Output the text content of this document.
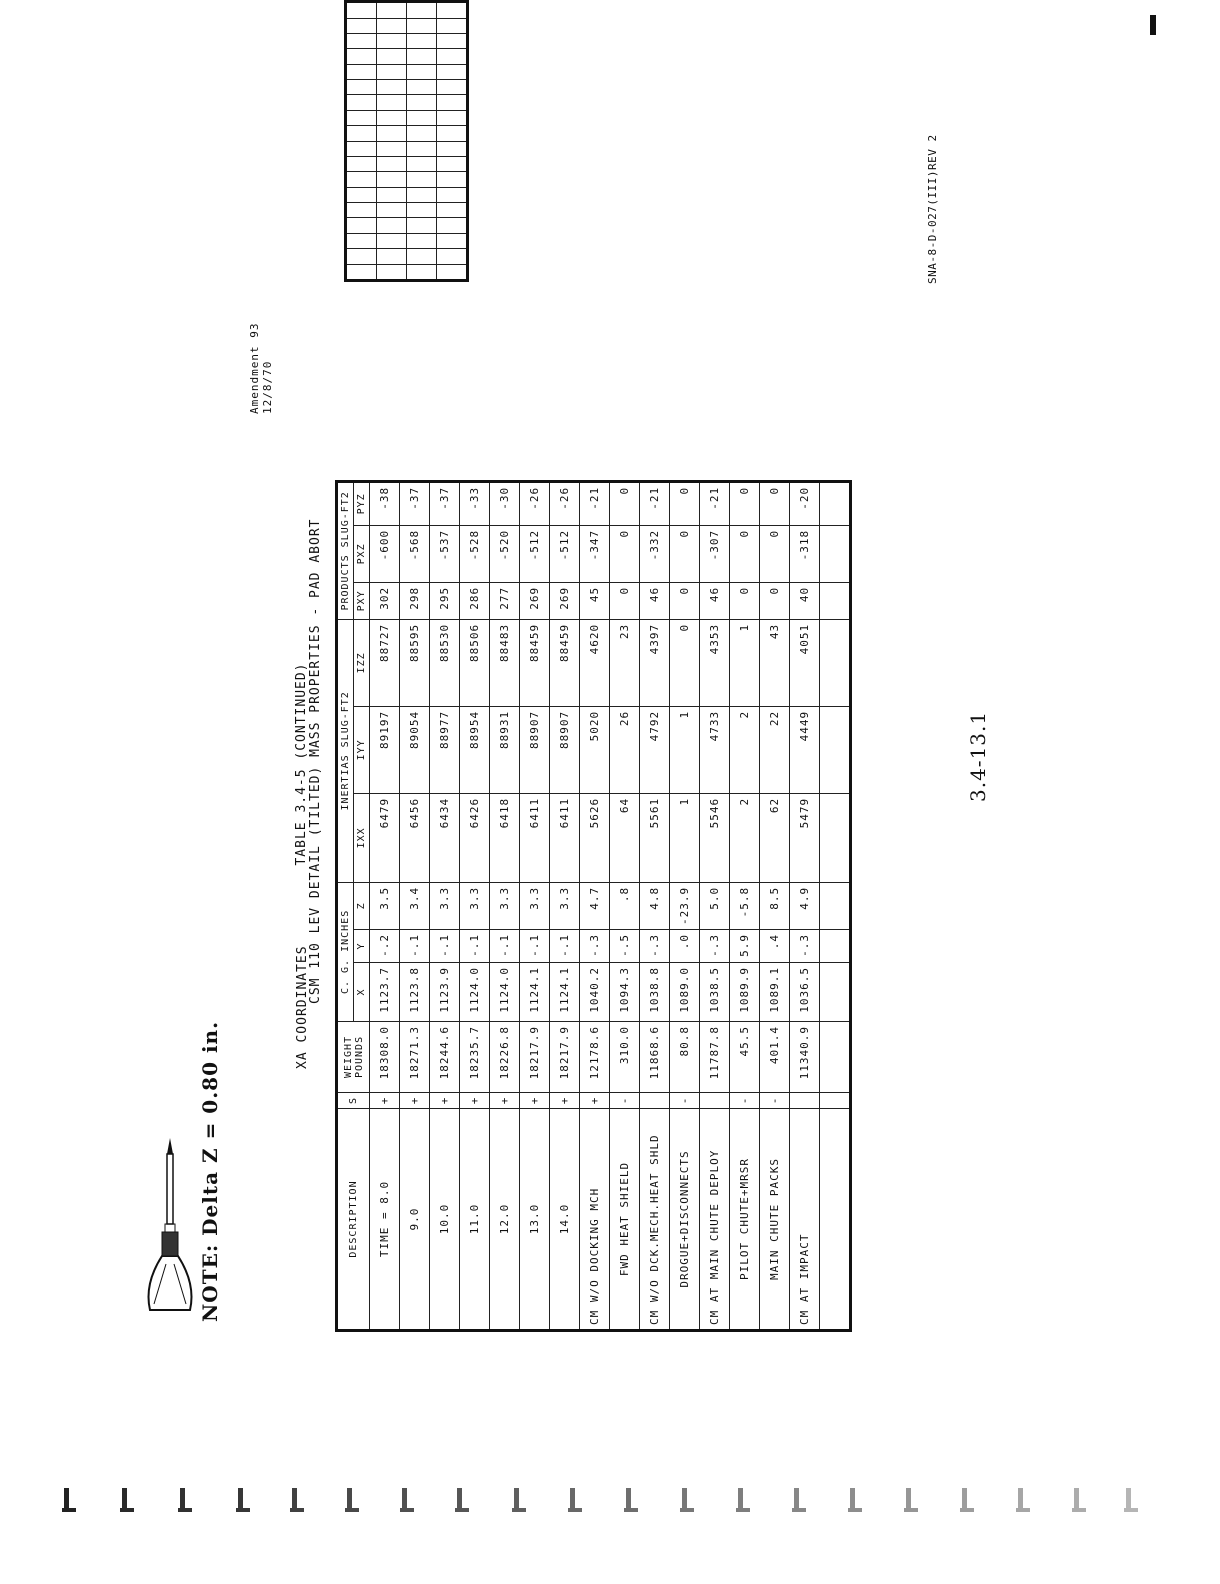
Amendment 93 12/8/70
TABLE 3.4-5 (CONTINUED) CSM 110 LEV DETAIL (TILTED) MASS PROPERTIES - PAD ABORT
XA COORDINATES
DESCRIPTION	S	WEIGHT POUNDS	C. G. INCHES			INERTIAS SLUG-FT2			PRODUCTS SLUG-FT2		
			X	Y	Z	IXX	IYY	IZZ	PXY	PXZ	PYZ
TIME = 8.0	+	18308.0	1123.7	-.2	3.5	6479	89197	88727	302	-600	-38
9.0	+	18271.3	1123.8	-.1	3.4	6456	89054	88595	298	-568	-37
10.0	+	18244.6	1123.9	-.1	3.3	6434	88977	88530	295	-537	-37
11.0	+	18235.7	1124.0	-.1	3.3	6426	88954	88506	286	-528	-33
12.0	+	18226.8	1124.0	-.1	3.3	6418	88931	88483	277	-520	-30
13.0	+	18217.9	1124.1	-.1	3.3	6411	88907	88459	269	-512	-26
14.0	+	18217.9	1124.1	-.1	3.3	6411	88907	88459	269	-512	-26
CM W/O DOCKING MCH	+	12178.6	1040.2	-.3	4.7	5626	5020	4620	45	-347	-21
FWD HEAT SHIELD	-	310.0	1094.3	-.5	.8	64	26	23	0	0	0
CM W/O DCK.MECH.HEAT SHLD		11868.6	1038.8	-.3	4.8	5561	4792	4397	46	-332	-21
DROGUE+DISCONNECTS	-	80.8	1089.0	.0	-23.9	1	1	0	0	0	0
CM AT MAIN CHUTE DEPLOY		11787.8	1038.5	-.3	5.0	5546	4733	4353	46	-307	-21
PILOT CHUTE+MRSR	-	45.5	1089.9	5.9	-5.8	2	2	1	0	0	0
MAIN CHUTE PACKS	-	401.4	1089.1	.4	8.5	62	22	43	0	0	0
CM AT IMPACT		11340.9	1036.5	-.3	4.9	5479	4449	4051	40	-318	-20

NOTE: Delta Z = 0.80 in.
3.4-13.1
SNA-8-D-027(III)REV 2
